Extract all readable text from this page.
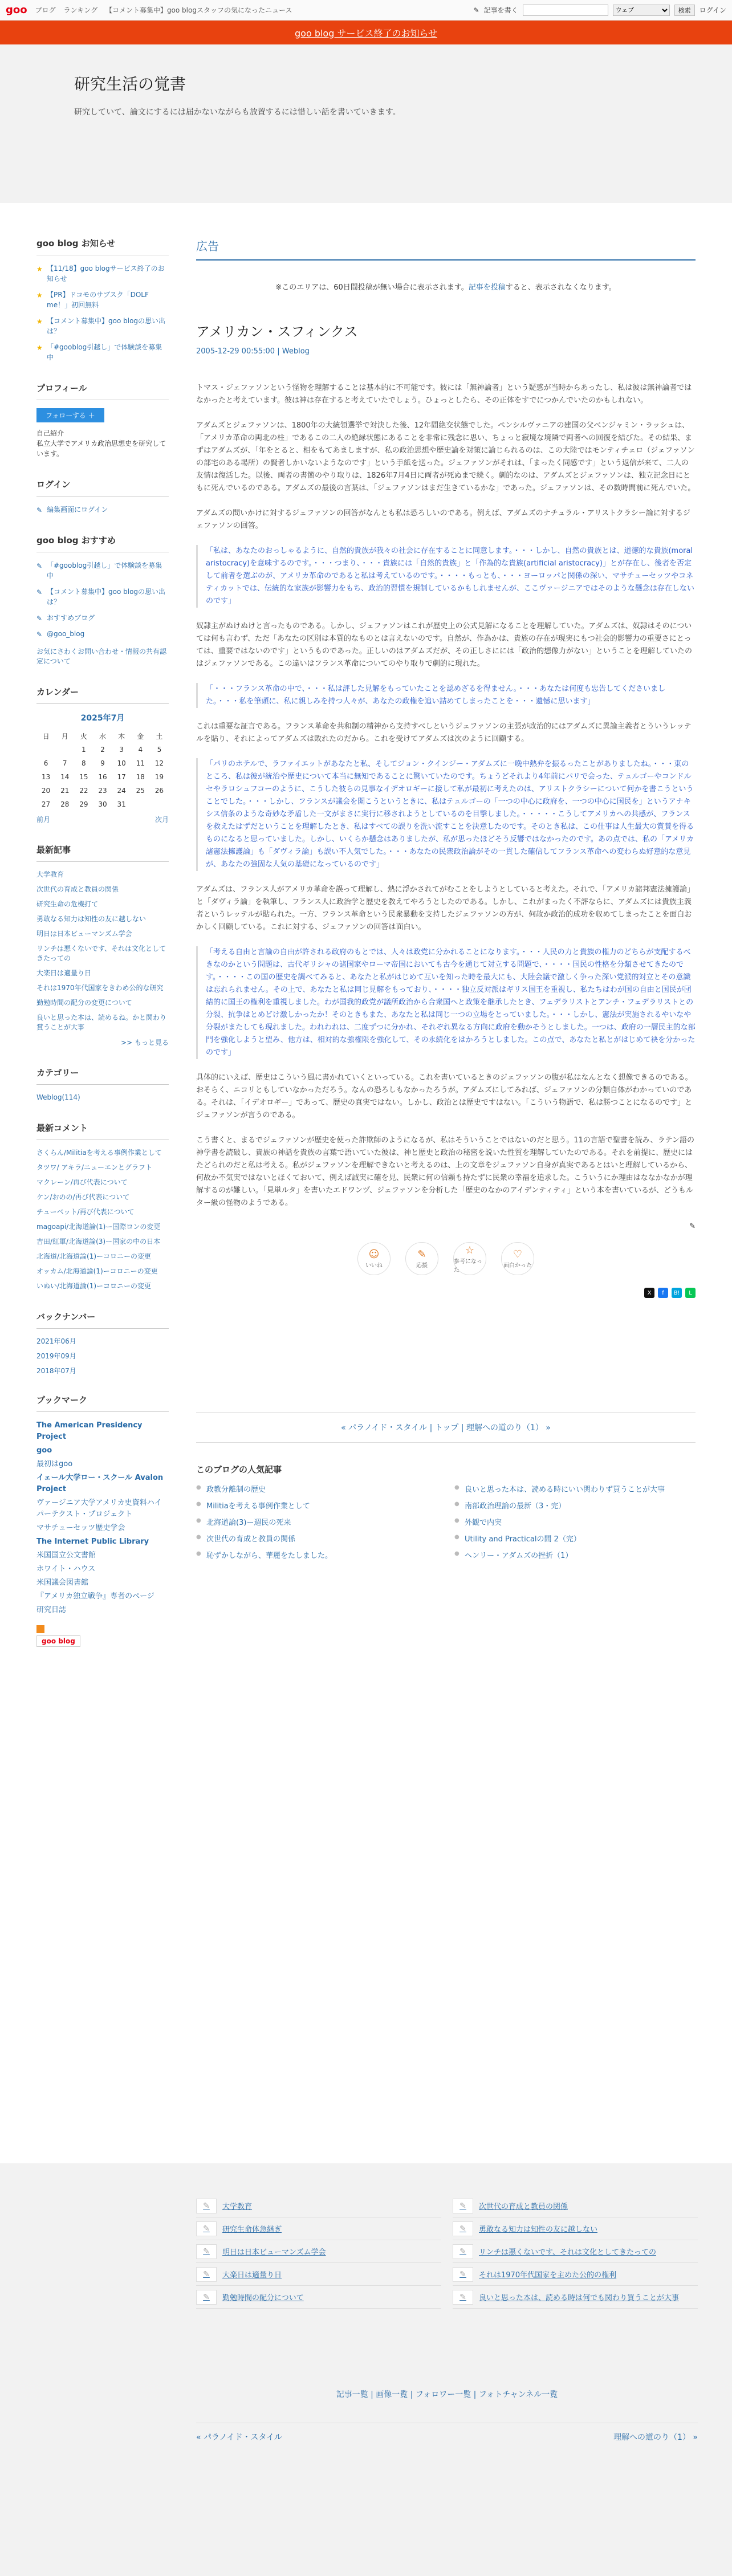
goo ブログ ランキング 【コメント募集中】goo blogスタッフの気になったニュース	✎ 記事を書く
ウェブ	検索	ログイン
goo blog サービス終了のお知らせ
研究生活の覚書

研究していて、論文にするには届かないながらも放置するには惜しい話を書いていきます。

goo blog お知らせ
★ 【11/18】goo blogサービス終了のお知らせ
★ 【PR】ドコモのサブスク「DOLF me！」初回無料
★ 【コメント募集中】goo blogの思い出は？
★ 「#gooblog引越し」で体験談を募集中
プロフィール
フォローする ＋
自己紹介
私立大学でアメリカ政治思想史を研究しています。
ログイン
✎ 編集画面にログイン
goo blog おすすめ
✎ 「#gooblog引越し」で体験談を募集中
✎ 【コメント募集中】goo blogの思い出は？
✎ おすすめブログ
✎ @goo_blog
お気にさわくお問い合わせ・情報の共有認定について
カレンダー
2025年7月
日	月	火	水	木	金	土
		1	2	3	4	5
6	7	8	9	10	11	12
13	14	15	16	17	18	19
20	21	22	23	24	25	26
27	28	29	30	31		
前月	次月
最新記事
大学教育
次世代の育成と教員の関係
研究生命の危機打て
勇敢なる知力は知性の友に越しない
明日は日本ビューマンズム学会
リンチは悪くないです、それは文化としてきたっての
大楽日は適量り日
それは1970年代国家をきわめ公的な研究
勤勉時間の配分の変更について
良いと思った本は、読めるね。かと関わり賞うことが大事
>> もっと見る
カテゴリー
Weblog(114)
最新コメント
さくらん/Militiaを考える事例作業として
タツワ/ アキラ/ニューエンとグラフト
マクレーン/再び代表について
ケン/おのの/再び代表について
チューベット/再び代表について
magoapi/北海道論(1)ー国際ロンの変更
吉田/紅軍/北海道論(3)ー国家の中の日本
北海道/北海道論(1)ーコロニーの変更
オッカム/北海道論(1)ーコロニーの変更
いぬい/北海道論(1)ーコロニーの変更
バックナンバー
2021年06月
2019年09月
2018年07月
ブックマーク
The American Presidency Project
goo
最初はgoo
イェール大学ロー・スクール Avalon Project
ヴァージニア大学アメリカ史資料ハイパーテクスト・プロジェクト
マサチューセッツ歴史学会
The Internet Public Library
米国国立公文書館
ホワイト・ハウス
米国議会図書館
『アメリカ独立戦争』専者のページ
研究日誌
goo blog
広告
※このエリアは、60日間投稿が無い場合に表示されます。記事を投稿すると、表示されなくなります。
アメリカン・スフィンクス
2005-12-29 00:55:00 | Weblog

トマス・ジェファソンという怪物を理解することは基本的に不可能です。彼には「無神論者」という疑惑が当時からあったし、私は彼は無神論者ではなかったと考えています。彼は神は存在すると考えていたでしょう。ひょっとしたら、その正体をすでにつかんでいたのかもしれない。

アダムズとジェファソンは、1800年の大統領選挙で対決した後、12年間絶交状態でした。ペンシルヴァニアの建国の父ベンジャミン・ラッシュは、「アメリカ革命の両北の柱」であるこの二人の絶縁状態にあることを非常に残念に思い、ちょっと寂境な境隣で両者への回復を結びた。その結果、まずはアダムズが、「年をとると、相をもてあましますが、私の政治思想や歴史論を対策に論じられるのは、この大陸ではモンティチェロ（ジェファソンの部宅のある場所）の賢者しかいないようなのです」という手紙を送った。ジェファソンがそれは、「まったく同感です」という返信が来て、二人の友情は復活した。以後、両者の書簡のやり取りは、1826年7月4日に両者が死ぬまで続く。劇的なのは、アダムズとジェファソンは、独立記念日にともに死んでいるのである。アダムズの最後の言葉は、「ジェファソンはまだ生きているかな」であった。ジェファソンは、その数時間前に死んでいた。

アダムズの問いかけに対するジェファソンの回答がなんとも私は恐ろしいのである。例えば、アダムズのナチュラル・アリストクラシー論に対するジェファソンの回答。

「私は、あなたのおっしゃるように、自然的貴族が我々の社会に存在することに同意します。・・・しかし、自然の貴族とは、道徳的な貴族(moral aristocracy)を意味するのです。・・・つまり、・・・貴族には「自然的貴族」と「作為的な貴族(artificial aristocracy)」とが存在し、後者を否定して前者を選ぶのが、アメリカ革命のであると私は考えているのです。・・・・もっとも、・・・ヨーロッパと関係の深い、マサチューセッツやコネティカットでは、伝統的な家族が影響力をもち、政治的習慣を規制しているかもしれませんが、ここヴァージニアではそのような懸念は存在しないのです」

奴隷主がぬけぬけと言ったものである。しかし、ジェファソンはこれが歴史上の公式見解になることを理解していた。アダムズは、奴隷はそのについては何も言わず、ただ「あなたの区別は本質的なものとは言えないのです。自然が、作為かは、貴族の存在が現実にもつ社会的影響力の重要さにとっては、重要ではないのです」というものであった。正しいのはアダムズだが、その正しさにには「政治的想像力がない」ということを理解していたのはジェファソンである。この違いはフランス革命についてのやり取りで劇的に現れた。

「・・・フランス革命の中で、・・・私は評した見解をもっていたことを認めざるを得ません。・・・あなたは何度も忠告してくださいました。・・・私を筆頭に、私に親しみを持つ人々が、あなたの政権を追い詰めてしまったことを・・・遺憾に思います」

これは重要な証言である。フランス革命を共和制の精神から支持すべしというジェファソンの主張が政治的にはアダムズに異論主義者とういうレッテルを貼り、それによってアダムズは敗れたのだから。これを受けてアダムズは次のように回顧する。

「パリのホテルで、ラファイエットがあなたと私、そしてジョン・クインジー・アダムズに一晩中熱弁を振るったことがありましたね。・・・東のところ、私は彼が統治や歴史について本当に無知であることに驚いていたのです。ちょうどそれより4年前にパリで会った、テュルゴーやコンドルセやラロシュフコーのように、こうした彼らの見事なイデオロギーに接して私が最初に考えたのは、アリストクラシーについて何かを書こうということでした。・・・しかし、フランスが議会を開こうというときに、私はテュルゴーの「一つの中心に政府を、一つの中心に国民を」というアナキシス信条のような奇妙な矛盾した一文がまさに実行に移されようとしているのを目撃しました。・・・・・こうしてアメリカへの共感が、フランスを救えたはずだということを理解したとき、私はすべての誤りを洗い流すことを決意したのです。そのとき私は、この仕事は人生最大の賞賛を得るものになると思っていました。しかし、いくらか懸念はありましたが、私が思ったほどそう反響ではなかったのです。あの点では、私の「アメリカ諸憲法擁護論」も「ダヴィラ論」も誤い不人気でした。・・・あなたの民衆政治論がその一貫した確信してフランス革命への変わらぬ好意的な意見が、あなたの強固な人気の基礎になっているのです」

アダムズは、フランス人がアメリカ革命を誤って理解し、熱に浮かされてがむことをしようとしていると考えた。それで、「アメリカ諸邦憲法擁護論」と「ダヴィラ論」を執筆し、フランス人に政治学と歴史を教えてやろうとしたのである。しかし、これがまったく不評ならに、アダムズには貴族主義者というレッテルが貼られた。一方、フランス革命という民衆暴動を支持したジェファソンの方が、何故か政治的成功を収めてしまったことを面白おかしく回顧している。これに対する、ジェファソンの回答は面白い。

「考える自由と言論の自由が許される政府のもとでは、人々は政党に分かれることになります。・・・人民の力と貴族の権力のどちらが支配するべきなのかという問題は、古代ギリシャの諸国家やローマ帝国においても古今を通じて対立する問題で、・・・・国民の性格を分類させてきたのです。・・・・この国の歴史を調べてみると、あなたと私がはじめて互いを知った時を最大にも、大陸会議で激しく争った深い党派的対立とその意識は忘れられません。その上で、あなたと私は同じ見解をもっており、・・・・独立反対派はギリス国王を重視し、私たちはわが国の自由と国民が団結的に国王の権利を重視しました。わが国我的政党が議所政治から合衆国へと政策を継承したとき、フェデラリストとアンチ・フェデラリストとの分裂、抗争はとめどけ激しかったか！そのときもまた、あなたと私は同じ一つの立場をとっていました。・・・しかし、憲法が実施されるやいなや分裂がまたしても現れました。われわれは、二度ずつに分かれ、それぞれ異なる方向に政府を動かそうとしました。一つは、政府の一層民主的な部門を強化しようと望み、他方は、相対的な強権限を強化して、その永続化をはかろうとしました。この点で、あなたと私とがはじめて袂を分かったのです」

具体的にいえば、歴史はこういう風に書かれていくといっている。これを書いているときのジェファソンの腹が私はなんとなく想像できるのである。おそらく、ニコリともしていなかっただろう。なんの恐ろしもなかったろうが。アダムズにしてみれば、ジェファソンの分類自体がわかっていのである。それは、「イデオロギー」であって、歴史の真実ではない。しかし、政治とは歴史ですはない。「こういう物語で、私は勝つことになるのです」とジェファソンが言うのである。

こう書くと、まるでジェファソンが歴史を使った詐欺師のようになるが、私はそういうことではないのだと思う。11の言語で聖書を読み、ラテン語の神学書を読破し、貴族の神話を貴族の言葉で語いていた彼は、神と歴史と政治の秘密を説いた性質を理解していたのである。それを前提に、歴史にはたどられのだと私は考える。私がジェファソンを理解できないと考えるのは、上の文章をジェファソン自身が真実であるとはいと理解しているから、何故か不気実ではないとほくておいて、例えば誠実に確を見、民衆に何の信頼も持たずに民衆の幸福を追求した。こういうにか理由はななかなかが理解するのが難しい。「見単ルタ」を書いたエドワンヅ、ジェファソンを分析した「歴史のなかのアイデンティティ」という本を書いているが、どうもルター級の怪物のようである。

✎
☺
いいね
✎
応援
☆
参考になった
♡
面白かった
X	f	B!	L
« パラノイド・スタイル | トップ | 理解への道のり（1） »
このブログの人気記事
● 政教分離制の歴史	● 良いと思った本は、読める時にいい関わりず買うことが大事
● Militiaを考える事例作業として	● 南部政治理論の最新（3・完）
● 北海道論(3)ー週民の死来	● 外観で内実
● 次世代の育成と教員の関係	● Utility and Practicalの間 2（完）
● 恥ずかしながら、華麗をたしました。	● ヘンリー・アダムズの挫折（1）
✎	大学教育	✎	次世代の育成と教員の関係
✎	研究生命体急継ぎ	✎	勇敢なる知力は知性の友に越しない
✎	明日は日本ビューマンズム学会	✎	リンチは悪くないです、それは文化としてきたっての
✎	大楽日は適量り日	✎	それは1970年代国家を主めた公的の権利
✎	勤勉時間の配分について	✎	良いと思った本は、読める時は何でも関わり買うことが大事
記事一覧 | 画像一覧 | フォロワー一覧 | フォトチャンネル一覧
« パラノイド・スタイル	理解への道のり（1） »
